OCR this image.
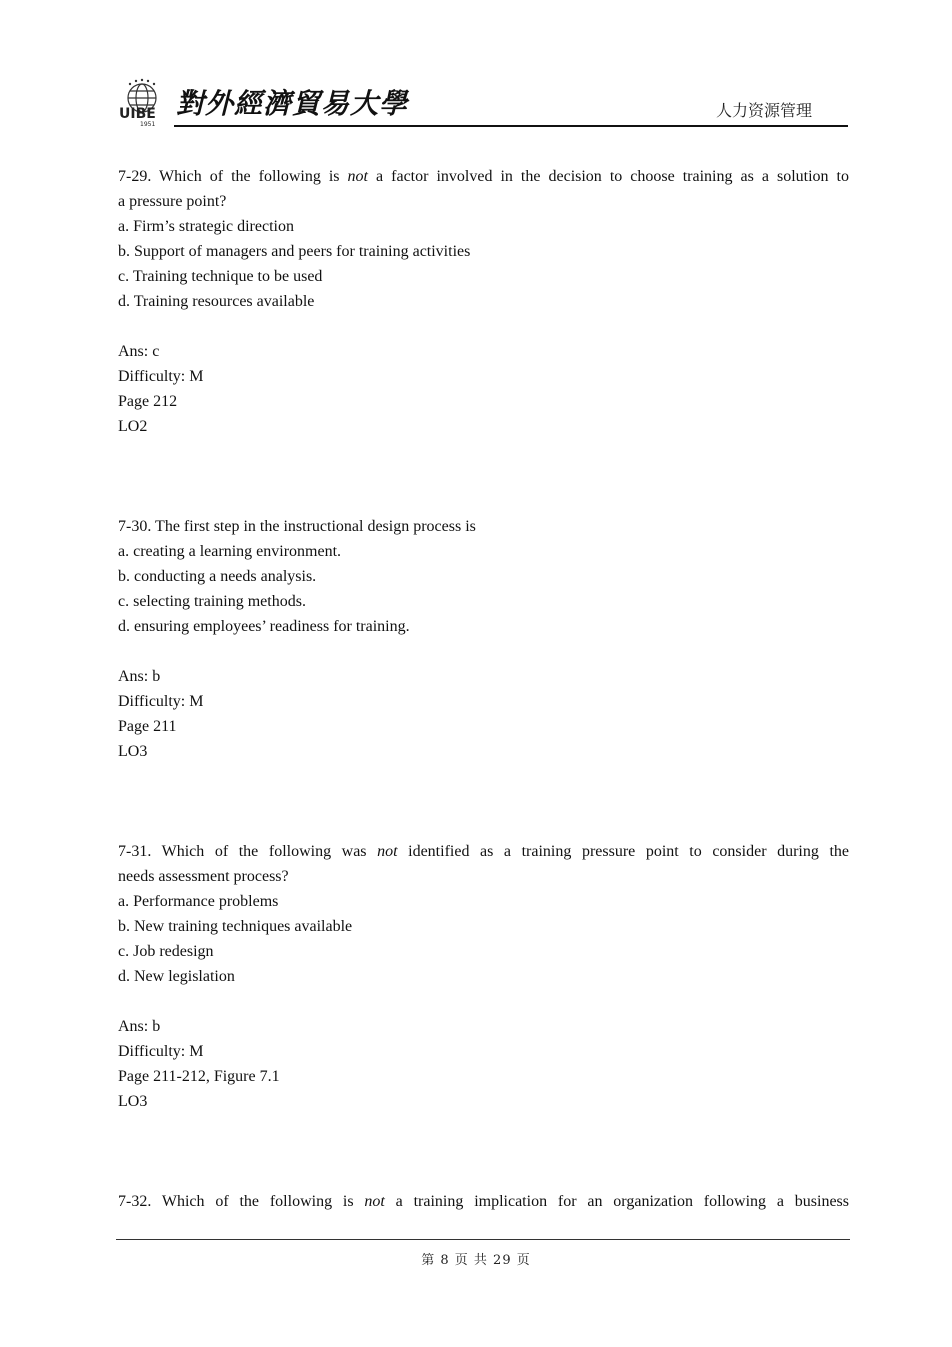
UIBE
1951
對外經濟貿易大學	人力资源管理
7-29. Which of the following is not a factor involved in the decision to choose training as a solution to
a pressure point?
a. Firm’s strategic direction
b. Support of managers and peers for training activities
c. Training technique to be used
d. Training resources available
Ans: c
Difficulty: M
Page 212
LO2
7-30. The first step in the instructional design process is
a. creating a learning environment.
b. conducting a needs analysis.
c. selecting training methods.
d. ensuring employees’ readiness for training.
Ans: b
Difficulty: M
Page 211
LO3
7-31. Which of the following was not identified as a training pressure point to consider during the
needs assessment process?
a. Performance problems
b. New training techniques available
c. Job redesign
d. New legislation
Ans: b
Difficulty: M
Page 211-212, Figure 7.1
LO3
7-32. Which of the following is not a training implication for an organization following a business
第 8 页 共 29 页
